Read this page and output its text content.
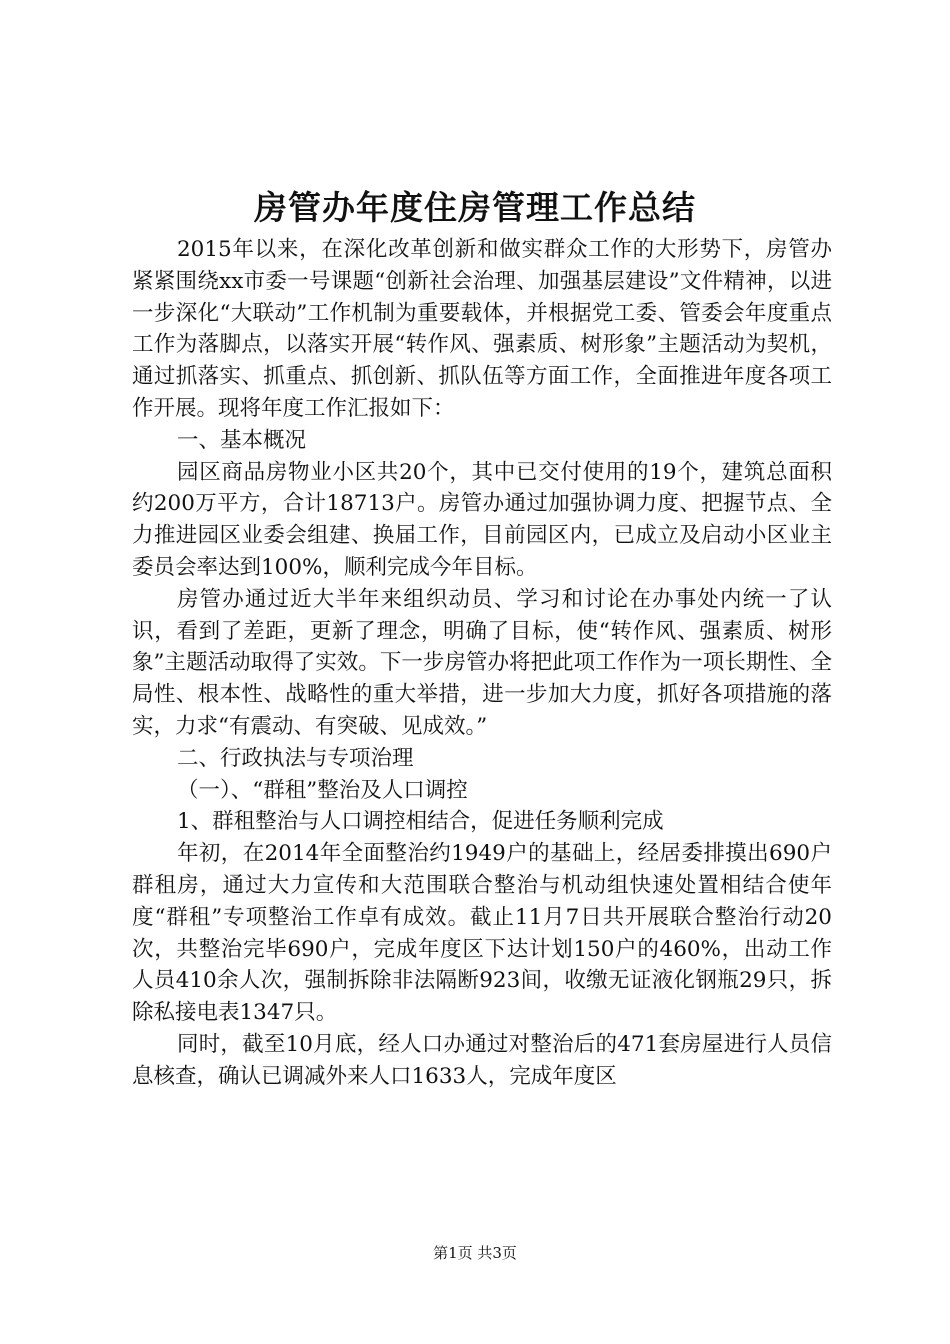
房管办年度住房管理工作总结

2015年以来，在深化改革创新和做实群众工作的大形势下，房管办紧紧围绕xx市委一号课题“创新社会治理、加强基层建设”文件精神，以进一步深化“大联动”工作机制为重要载体，并根据党工委、管委会年度重点工作为落脚点，以落实开展“转作风、强素质、树形象”主题活动为契机，通过抓落实、抓重点、抓创新、抓队伍等方面工作，全面推进年度各项工作开展。现将年度工作汇报如下：

一、基本概况

园区商品房物业小区共20个，其中已交付使用的19个，建筑总面积约200万平方，合计18713户。房管办通过加强协调力度、把握节点、全力推进园区业委会组建、换届工作，目前园区内，已成立及启动小区业主委员会率达到100%，顺利完成今年目标。

房管办通过近大半年来组织动员、学习和讨论在办事处内统一了认识，看到了差距，更新了理念，明确了目标，使“转作风、强素质、树形象”主题活动取得了实效。下一步房管办将把此项工作作为一项长期性、全局性、根本性、战略性的重大举措，进一步加大力度，抓好各项措施的落实，力求“有震动、有突破、见成效。”

二、行政执法与专项治理

（一）、“群租”整治及人口调控

1、群租整治与人口调控相结合，促进任务顺利完成

年初，在2014年全面整治约1949户的基础上，经居委排摸出690户群租房，通过大力宣传和大范围联合整治与机动组快速处置相结合使年度“群租”专项整治工作卓有成效。截止11月7日共开展联合整治行动20次，共整治完毕690户，完成年度区下达计划150户的460%，出动工作人员410余人次，强制拆除非法隔断923间，收缴无证液化钢瓶29只，拆除私接电表1347只。

同时，截至10月底，经人口办通过对整治后的471套房屋进行人员信息核查，确认已调减外来人口1633人，完成年度区

第1页 共3页
